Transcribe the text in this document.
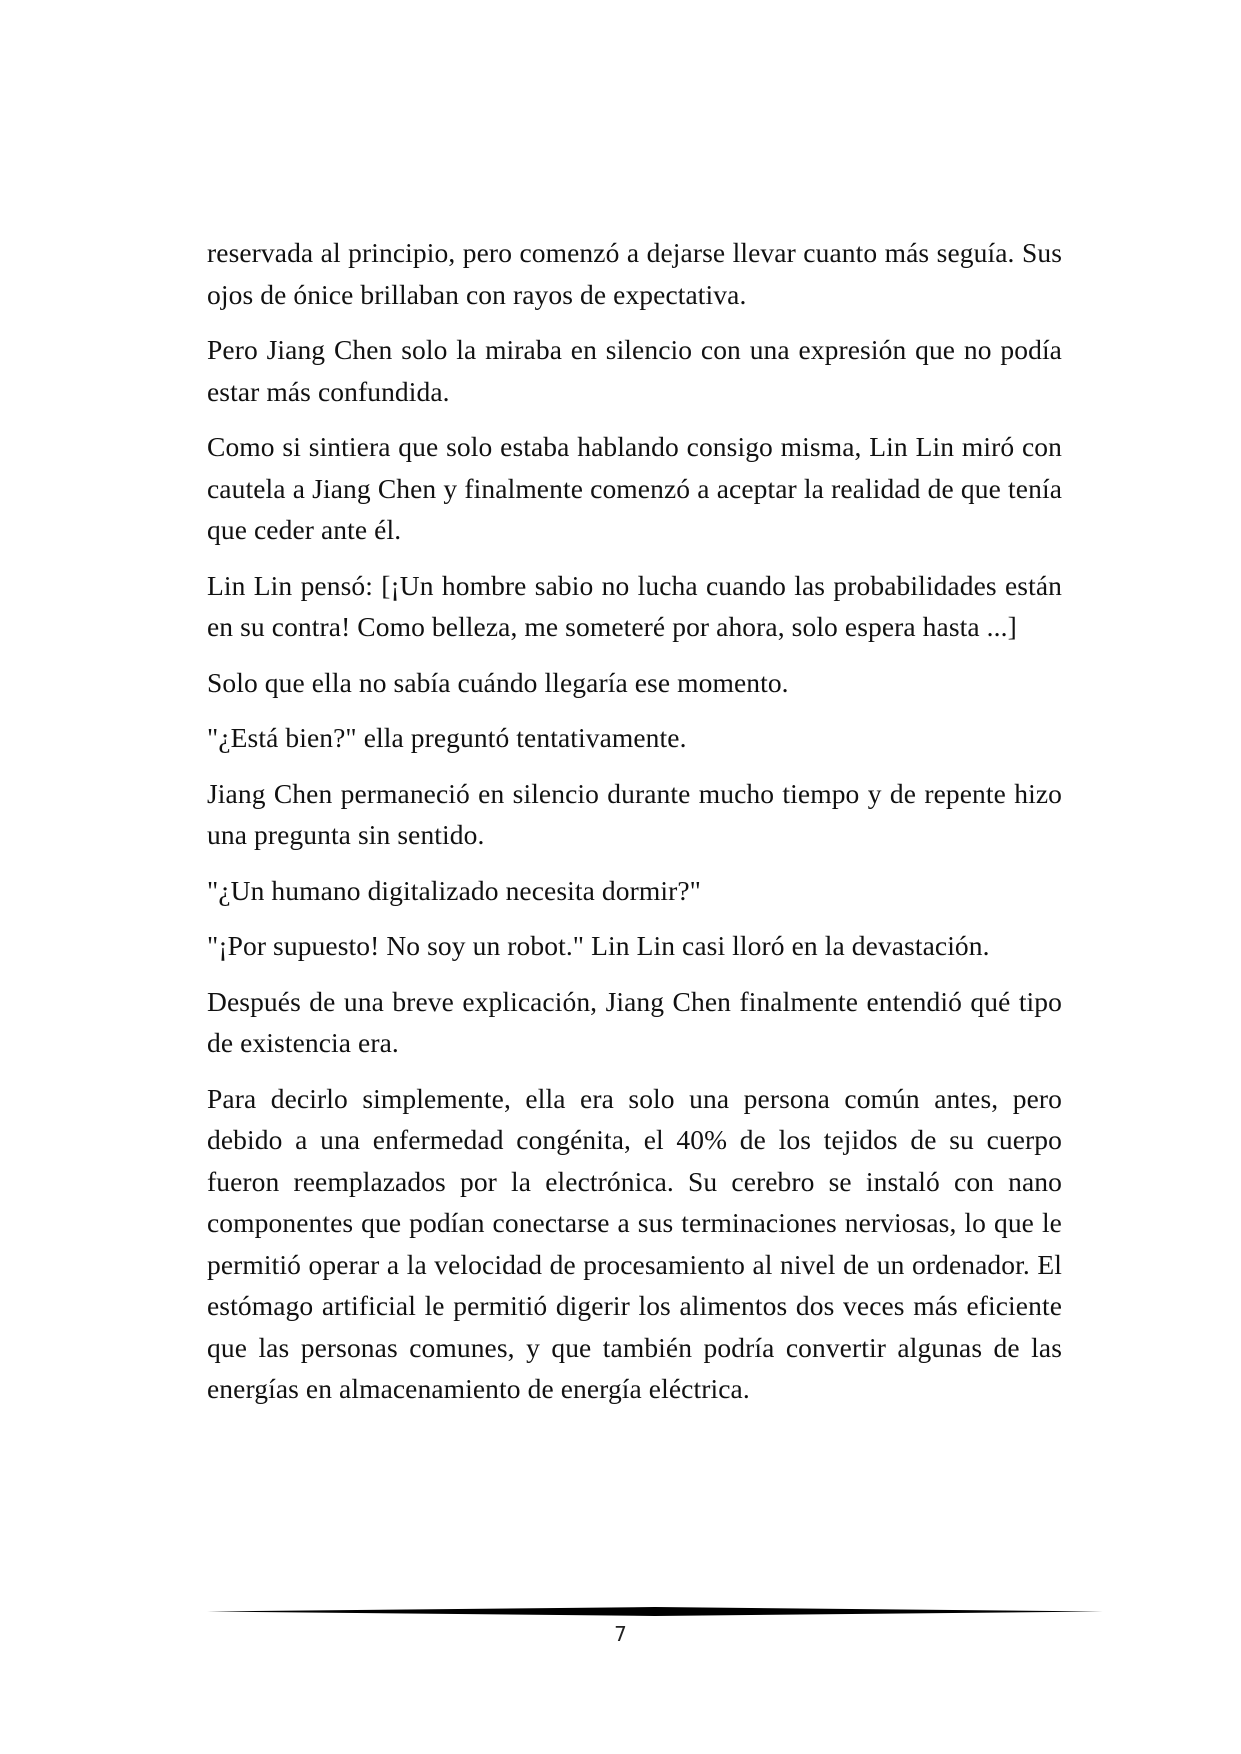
reservada al principio, pero comenzó a dejarse llevar cuanto más seguía. Sus ojos de ónice brillaban con rayos de expectativa.

Pero Jiang Chen solo la miraba en silencio con una expresión que no podía estar más confundida.

Como si sintiera que solo estaba hablando consigo misma, Lin Lin miró con cautela a Jiang Chen y finalmente comenzó a aceptar la realidad de que tenía que ceder ante él.

Lin Lin pensó: [¡Un hombre sabio no lucha cuando las probabilidades están en su contra! Como belleza, me someteré por ahora, solo espera hasta ...]

Solo que ella no sabía cuándo llegaría ese momento.

"¿Está bien?" ella preguntó tentativamente.

Jiang Chen permaneció en silencio durante mucho tiempo y de repente hizo una pregunta sin sentido.

"¿Un humano digitalizado necesita dormir?"

"¡Por supuesto! No soy un robot." Lin Lin casi lloró en la devastación.

Después de una breve explicación, Jiang Chen finalmente entendió qué tipo de existencia era.

Para decirlo simplemente, ella era solo una persona común antes, pero debido a una enfermedad congénita, el 40% de los tejidos de su cuerpo fueron reemplazados por la electrónica. Su cerebro se instaló con nano componentes que podían conectarse a sus terminaciones nerviosas, lo que le permitió operar a la velocidad de procesamiento al nivel de un ordenador. El estómago artificial le permitió digerir los alimentos dos veces más eficiente que las personas comunes, y que también podría convertir algunas de las energías en almacenamiento de energía eléctrica.

7
